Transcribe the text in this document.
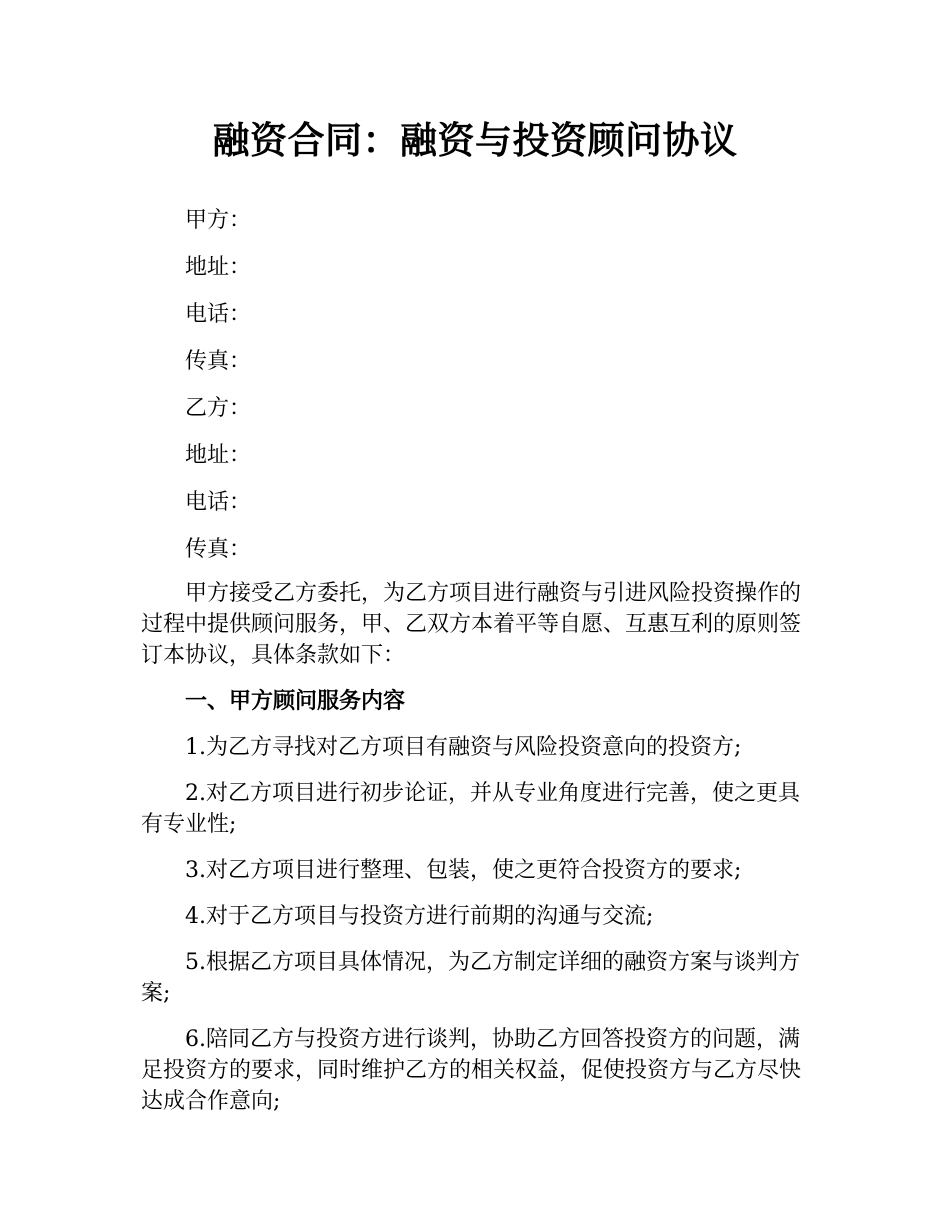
融资合同：融资与投资顾问协议

甲方：

地址：

电话：

传真：

乙方：

地址：

电话：

传真：

甲方接受乙方委托，为乙方项目进行融资与引进风险投资操作的过程中提供顾问服务，甲、乙双方本着平等自愿、互惠互利的原则签订本协议，具体条款如下：

一、甲方顾问服务内容

1.为乙方寻找对乙方项目有融资与风险投资意向的投资方;

2.对乙方项目进行初步论证，并从专业角度进行完善，使之更具有专业性;

3.对乙方项目进行整理、包装，使之更符合投资方的要求;

4.对于乙方项目与投资方进行前期的沟通与交流;

5.根据乙方项目具体情况，为乙方制定详细的融资方案与谈判方案;

6.陪同乙方与投资方进行谈判，协助乙方回答投资方的问题，满足投资方的要求，同时维护乙方的相关权益，促使投资方与乙方尽快达成合作意向;
